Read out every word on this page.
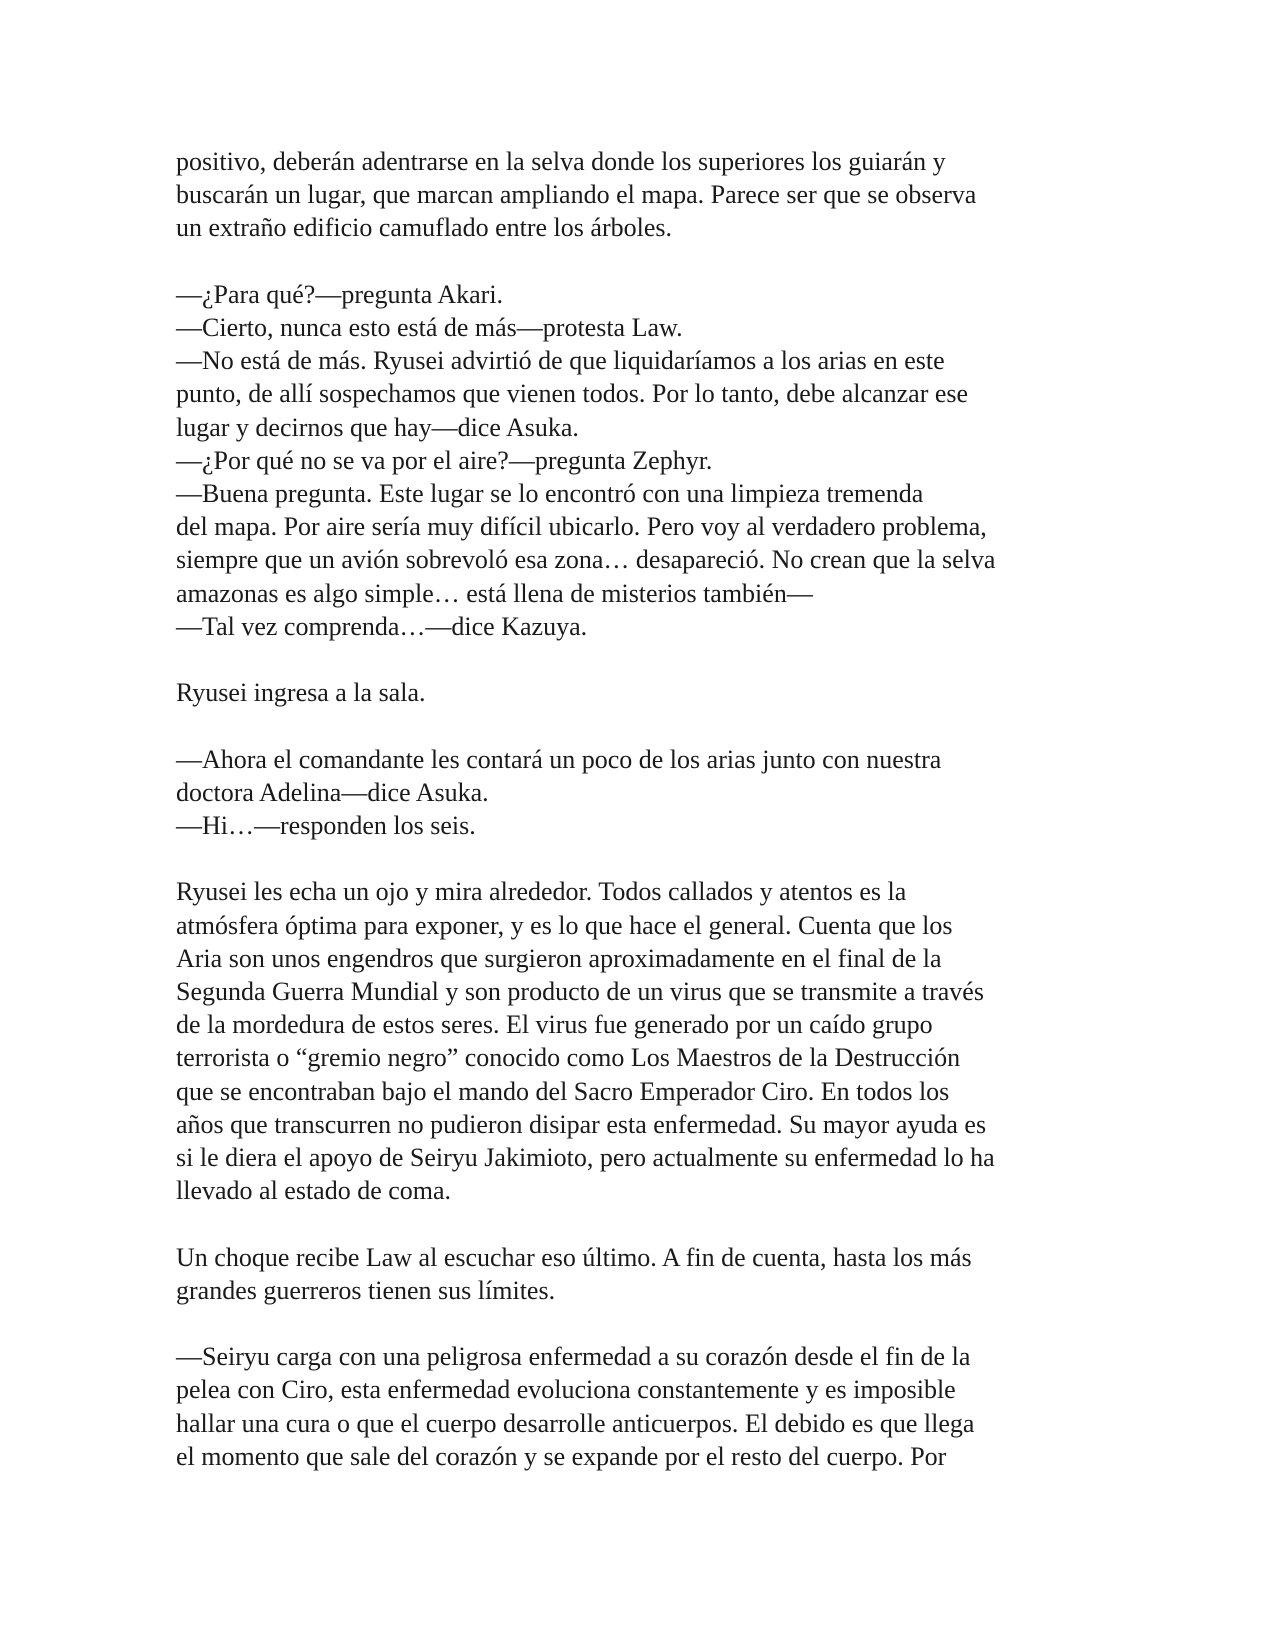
positivo, deberán adentrarse en la selva donde los superiores los guiarán y
buscarán un lugar, que marcan ampliando el mapa. Parece ser que se observa
un extraño edificio camuflado entre los árboles.
—¿Para qué?—pregunta Akari.
—Cierto, nunca esto está de más—protesta Law.
—No está de más. Ryusei advirtió de que liquidaríamos a los arias en este
punto, de allí sospechamos que vienen todos. Por lo tanto, debe alcanzar ese
lugar y decirnos que hay—dice Asuka.
—¿Por qué no se va por el aire?—pregunta Zephyr.
—Buena pregunta. Este lugar se lo encontró con una limpieza tremenda
del mapa. Por aire sería muy difícil ubicarlo. Pero voy al verdadero problema,
siempre que un avión sobrevoló esa zona… desapareció. No crean que la selva
amazonas es algo simple… está llena de misterios también—
—Tal vez comprenda…—dice Kazuya.
Ryusei ingresa a la sala.
—Ahora el comandante les contará un poco de los arias junto con nuestra
doctora Adelina—dice Asuka.
—Hi…—responden los seis.
Ryusei les echa un ojo y mira alrededor. Todos callados y atentos es la
atmósfera óptima para exponer, y es lo que hace el general. Cuenta que los
Aria son unos engendros que surgieron aproximadamente en el final de la
Segunda Guerra Mundial y son producto de un virus que se transmite a través
de la mordedura de estos seres. El virus fue generado por un caído grupo
terrorista o “gremio negro” conocido como Los Maestros de la Destrucción
que se encontraban bajo el mando del Sacro Emperador Ciro. En todos los
años que transcurren no pudieron disipar esta enfermedad. Su mayor ayuda es
si le diera el apoyo de Seiryu Jakimioto, pero actualmente su enfermedad lo ha
llevado al estado de coma.
Un choque recibe Law al escuchar eso último. A fin de cuenta, hasta los más
grandes guerreros tienen sus límites.
—Seiryu carga con una peligrosa enfermedad a su corazón desde el fin de la
pelea con Ciro, esta enfermedad evoluciona constantemente y es imposible
hallar una cura o que el cuerpo desarrolle anticuerpos. El debido es que llega
el momento que sale del corazón y se expande por el resto del cuerpo. Por
